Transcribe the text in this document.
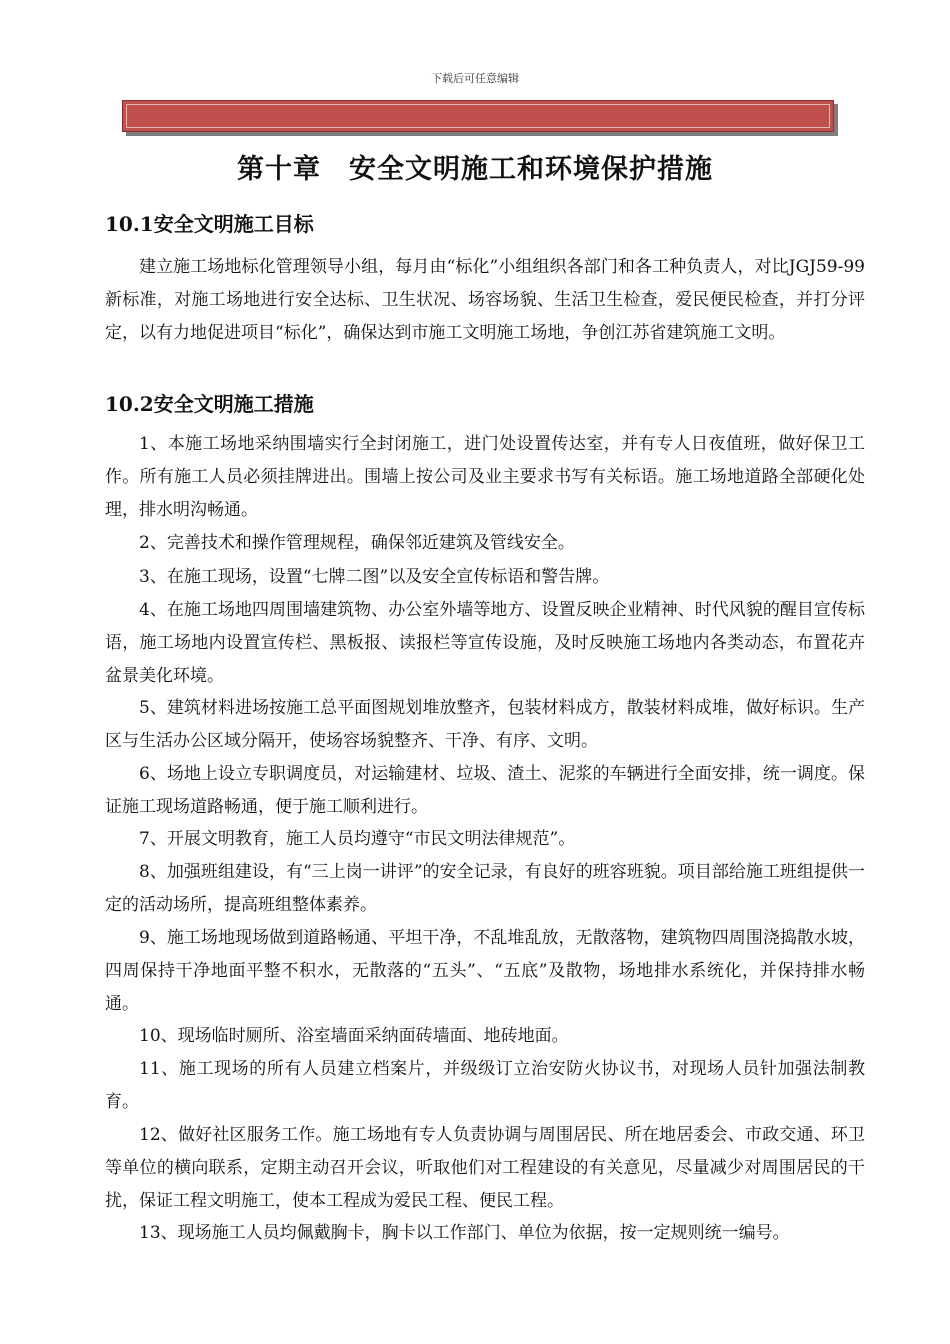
下载后可任意编辑
第十章　安全文明施工和环境保护措施
10.1安全文明施工目标

建立施工场地标化管理领导小组，每月由“标化”小组组织各部门和各工种负责人，对比JGJ59-99新标准，对施工场地进行安全达标、卫生状况、场容场貌、生活卫生检查，爱民便民检查，并打分评定，以有力地促进项目“标化”，确保达到市施工文明施工场地，争创江苏省建筑施工文明。

10.2安全文明施工措施

1、本施工场地采纳围墙实行全封闭施工，进门处设置传达室，并有专人日夜值班，做好保卫工作。所有施工人员必须挂牌进出。围墙上按公司及业主要求书写有关标语。施工场地道路全部硬化处理，排水明沟畅通。

2、完善技术和操作管理规程，确保邻近建筑及管线安全。

3、在施工现场，设置“七牌二图”以及安全宣传标语和警告牌。

4、在施工场地四周围墙建筑物、办公室外墙等地方、设置反映企业精神、时代风貌的醒目宣传标语，施工场地内设置宣传栏、黑板报、读报栏等宣传设施，及时反映施工场地内各类动态，布置花卉盆景美化环境。

5、建筑材料进场按施工总平面图规划堆放整齐，包装材料成方，散装材料成堆，做好标识。生产区与生活办公区域分隔开，使场容场貌整齐、干净、有序、文明。

6、场地上设立专职调度员，对运输建材、垃圾、渣土、泥浆的车辆进行全面安排，统一调度。保证施工现场道路畅通，便于施工顺利进行。

7、开展文明教育，施工人员均遵守“市民文明法律规范”。

8、加强班组建设，有“三上岗一讲评”的安全记录，有良好的班容班貌。项目部给施工班组提供一定的活动场所，提高班组整体素养。

9、施工场地现场做到道路畅通、平坦干净，不乱堆乱放，无散落物，建筑物四周围浇捣散水坡，四周保持干净地面平整不积水，无散落的“五头”、“五底”及散物，场地排水系统化，并保持排水畅通。

10、现场临时厕所、浴室墙面采纳面砖墙面、地砖地面。

11、施工现场的所有人员建立档案片，并级级订立治安防火协议书，对现场人员针加强法制教育。

12、做好社区服务工作。施工场地有专人负责协调与周围居民、所在地居委会、市政交通、环卫等单位的横向联系，定期主动召开会议，听取他们对工程建设的有关意见，尽量减少对周围居民的干扰，保证工程文明施工，使本工程成为爱民工程、便民工程。

13、现场施工人员均佩戴胸卡，胸卡以工作部门、单位为依据，按一定规则统一编号。
